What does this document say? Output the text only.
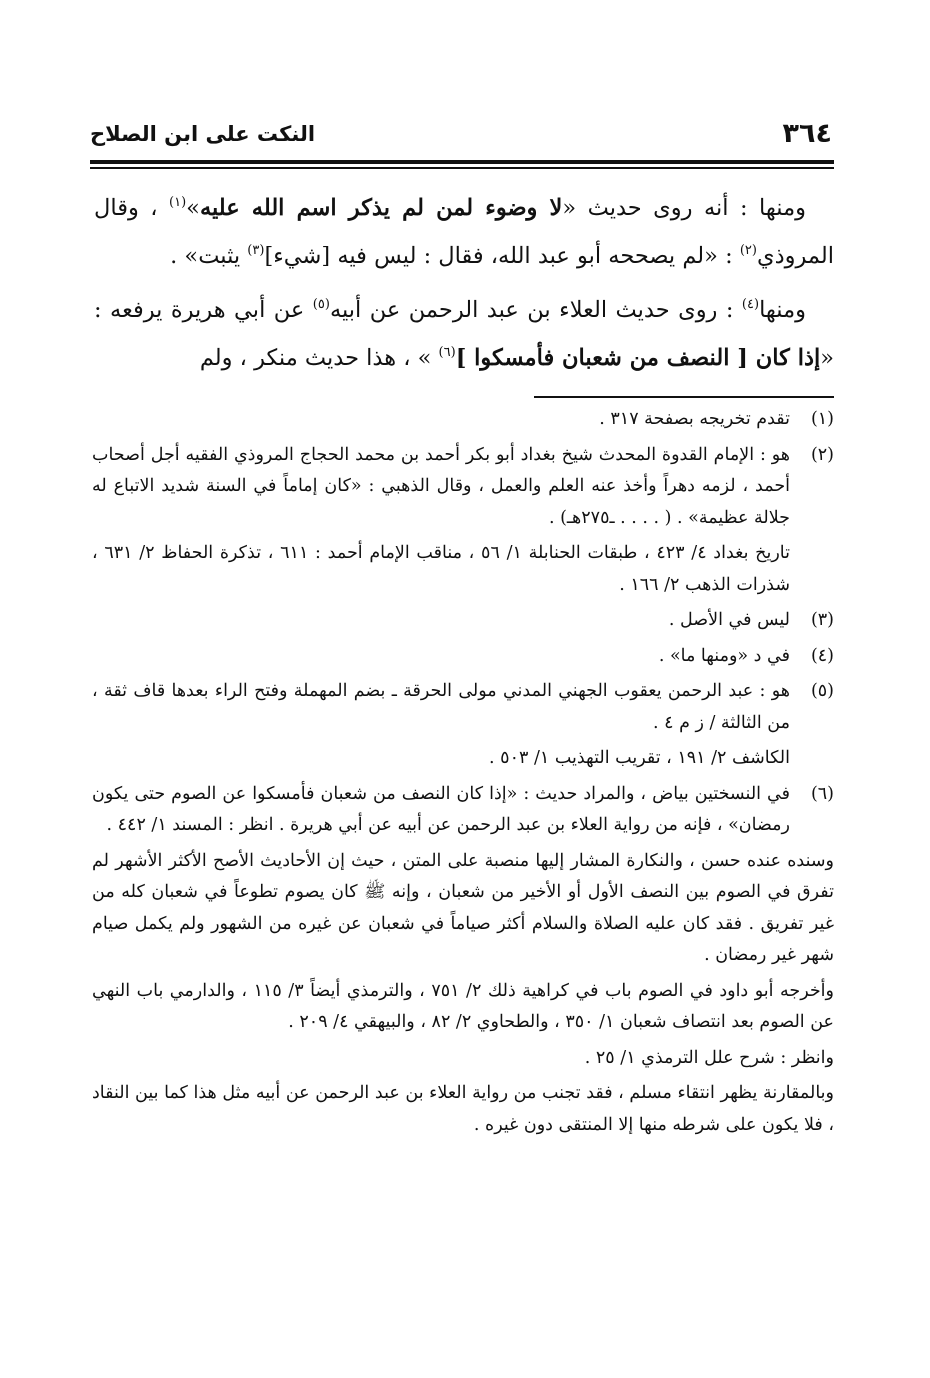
٣٦٤
النكت على ابن الصلاح

ومنها : أنه روى حديث «لا وضوء لمن لم يذكر اسم الله عليه»$^{(١)}$ ، وقال المروذي$^{(٢)}$ : «لم يصححه أبو عبد الله، فقال : ليس فيه [شيء]$^{(٣)}$ يثبت» .

ومنها$^{(٤)}$ : روى حديث العلاء بن عبد الرحمن عن أبيه$^{(٥)}$ عن أبي هريرة يرفعه : «إذا كان [ النصف من شعبان فأمسكوا ]$^{(٦)}$ » ، هذا حديث منكر ، ولم

(١)

تقدم تخريجه بصفحة ٣١٧ .

(٢)

هو : الإمام القدوة المحدث شيخ بغداد أبو بكر أحمد بن محمد الحجاج المروذي الفقيه أجل أصحاب أحمد ، لزمه دهراً وأخذ عنه العلم والعمل ، وقال الذهبي : «كان إماماً في السنة شديد الاتباع له جلالة عظيمة» . ( . . . . ـ٢٧٥هـ) .

تاريخ بغداد ٤/ ٤٢٣ ، طبقات الحنابلة ١/ ٥٦ ، مناقب الإمام أحمد : ٦١١ ، تذكرة الحفاظ ٢/ ٦٣١ ، شذرات الذهب ٢/ ١٦٦ .

(٣)

ليس في الأصل .

(٤)

في د «ومنها ما» .

(٥)

هو : عبد الرحمن يعقوب الجهني المدني مولى الحرقة ـ بضم المهملة وفتح الراء بعدها قاف ثقة ، من الثالثة / ز م ٤ .

الكاشف ٢/ ١٩١ ، تقريب التهذيب ١/ ٥٠٣ .

(٦)

في النسختين بياض ، والمراد حديث : «إذا كان النصف من شعبان فأمسكوا عن الصوم حتى يكون رمضان» ، فإنه من رواية العلاء بن عبد الرحمن عن أبيه عن أبي هريرة . انظر : المسند ١/ ٤٤٢ .

وسنده عنده حسن ، والنكارة المشار إليها منصبة على المتن ، حيث إن الأحاديث الأصح الأكثر الأشهر لم تفرق في الصوم بين النصف الأول أو الأخير من شعبان ، وإنه ﷺ كان يصوم تطوعاً في شعبان كله من غير تفريق . فقد كان عليه الصلاة والسلام أكثر صياماً في شعبان عن غيره من الشهور ولم يكمل صيام شهر غير رمضان .

وأخرجه أبو داود في الصوم باب في كراهية ذلك ٢/ ٧٥١ ، والترمذي أيضاً ٣/ ١١٥ ، والدارمي باب النهي عن الصوم بعد انتصاف شعبان ١/ ٣٥٠ ، والطحاوي ٢/ ٨٢ ، والبيهقي ٤/ ٢٠٩ .

وانظر : شرح علل الترمذي ١/ ٢٥ .

وبالمقارنة يظهر انتقاء مسلم ، فقد تجنب من رواية العلاء بن عبد الرحمن عن أبيه مثل هذا كما بين النقاد ، فلا يكون على شرطه منها إلا المنتقى دون غيره .
